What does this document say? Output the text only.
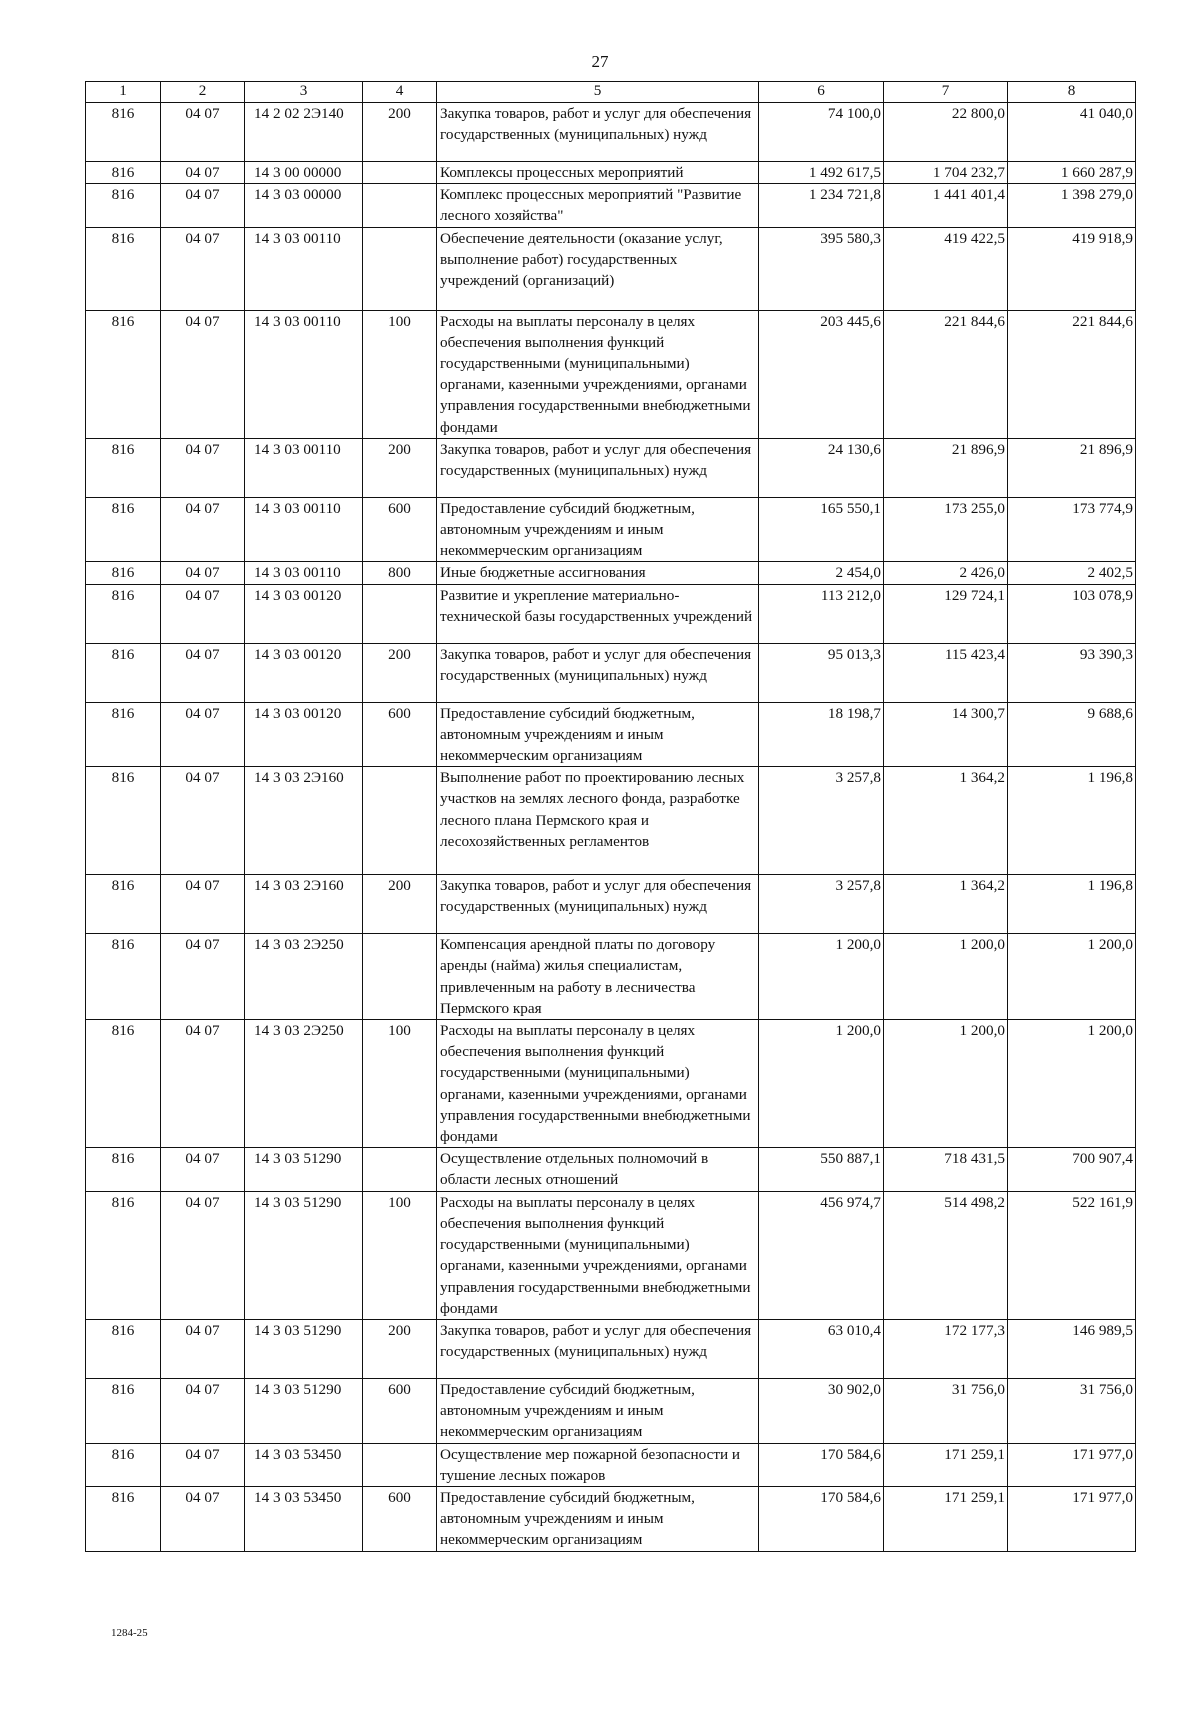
27
1	2	3	4	5	6	7	8
816	04 07	14 2 02 2Э140	200	Закупка товаров, работ и услуг для обеспечения государственных (муниципальных) нужд	74 100,0	22 800,0	41 040,0
816	04 07	14 3 00 00000		Комплексы процессных мероприятий	1 492 617,5	1 704 232,7	1 660 287,9
816	04 07	14 3 03 00000		Комплекс процессных мероприятий "Развитие лесного хозяйства"	1 234 721,8	1 441 401,4	1 398 279,0
816	04 07	14 3 03 00110		Обеспечение деятельности (оказание услуг, выполнение работ) государственных учреждений (организаций)	395 580,3	419 422,5	419 918,9
816	04 07	14 3 03 00110	100	Расходы на выплаты персоналу в целях обеспечения выполнения функций государственными (муниципальными) органами, казенными учреждениями, органами управления государственными внебюджетными фондами	203 445,6	221 844,6	221 844,6
816	04 07	14 3 03 00110	200	Закупка товаров, работ и услуг для обеспечения государственных (муниципальных) нужд	24 130,6	21 896,9	21 896,9
816	04 07	14 3 03 00110	600	Предоставление субсидий бюджетным, автономным учреждениям и иным некоммерческим организациям	165 550,1	173 255,0	173 774,9
816	04 07	14 3 03 00110	800	Иные бюджетные ассигнования	2 454,0	2 426,0	2 402,5
816	04 07	14 3 03 00120		Развитие и укрепление материально-технической базы государственных учреждений	113 212,0	129 724,1	103 078,9
816	04 07	14 3 03 00120	200	Закупка товаров, работ и услуг для обеспечения государственных (муниципальных) нужд	95 013,3	115 423,4	93 390,3
816	04 07	14 3 03 00120	600	Предоставление субсидий бюджетным, автономным учреждениям и иным некоммерческим организациям	18 198,7	14 300,7	9 688,6
816	04 07	14 3 03 2Э160		Выполнение работ по проектированию лесных участков на землях лесного фонда, разработке лесного плана Пермского края и лесохозяйственных регламентов	3 257,8	1 364,2	1 196,8
816	04 07	14 3 03 2Э160	200	Закупка товаров, работ и услуг для обеспечения государственных (муниципальных) нужд	3 257,8	1 364,2	1 196,8
816	04 07	14 3 03 2Э250		Компенсация арендной платы по договору аренды (найма) жилья специалистам, привлеченным на работу в лесничества Пермского края	1 200,0	1 200,0	1 200,0
816	04 07	14 3 03 2Э250	100	Расходы на выплаты персоналу в целях обеспечения выполнения функций государственными (муниципальными) органами, казенными учреждениями, органами управления государственными внебюджетными фондами	1 200,0	1 200,0	1 200,0
816	04 07	14 3 03 51290		Осуществление отдельных полномочий в области лесных отношений	550 887,1	718 431,5	700 907,4
816	04 07	14 3 03 51290	100	Расходы на выплаты персоналу в целях обеспечения выполнения функций государственными (муниципальными) органами, казенными учреждениями, органами управления государственными внебюджетными фондами	456 974,7	514 498,2	522 161,9
816	04 07	14 3 03 51290	200	Закупка товаров, работ и услуг для обеспечения государственных (муниципальных) нужд	63 010,4	172 177,3	146 989,5
816	04 07	14 3 03 51290	600	Предоставление субсидий бюджетным, автономным учреждениям и иным некоммерческим организациям	30 902,0	31 756,0	31 756,0
816	04 07	14 3 03 53450		Осуществление мер пожарной безопасности и тушение лесных пожаров	170 584,6	171 259,1	171 977,0
816	04 07	14 3 03 53450	600	Предоставление субсидий бюджетным, автономным учреждениям и иным некоммерческим организациям	170 584,6	171 259,1	171 977,0
1284-25
